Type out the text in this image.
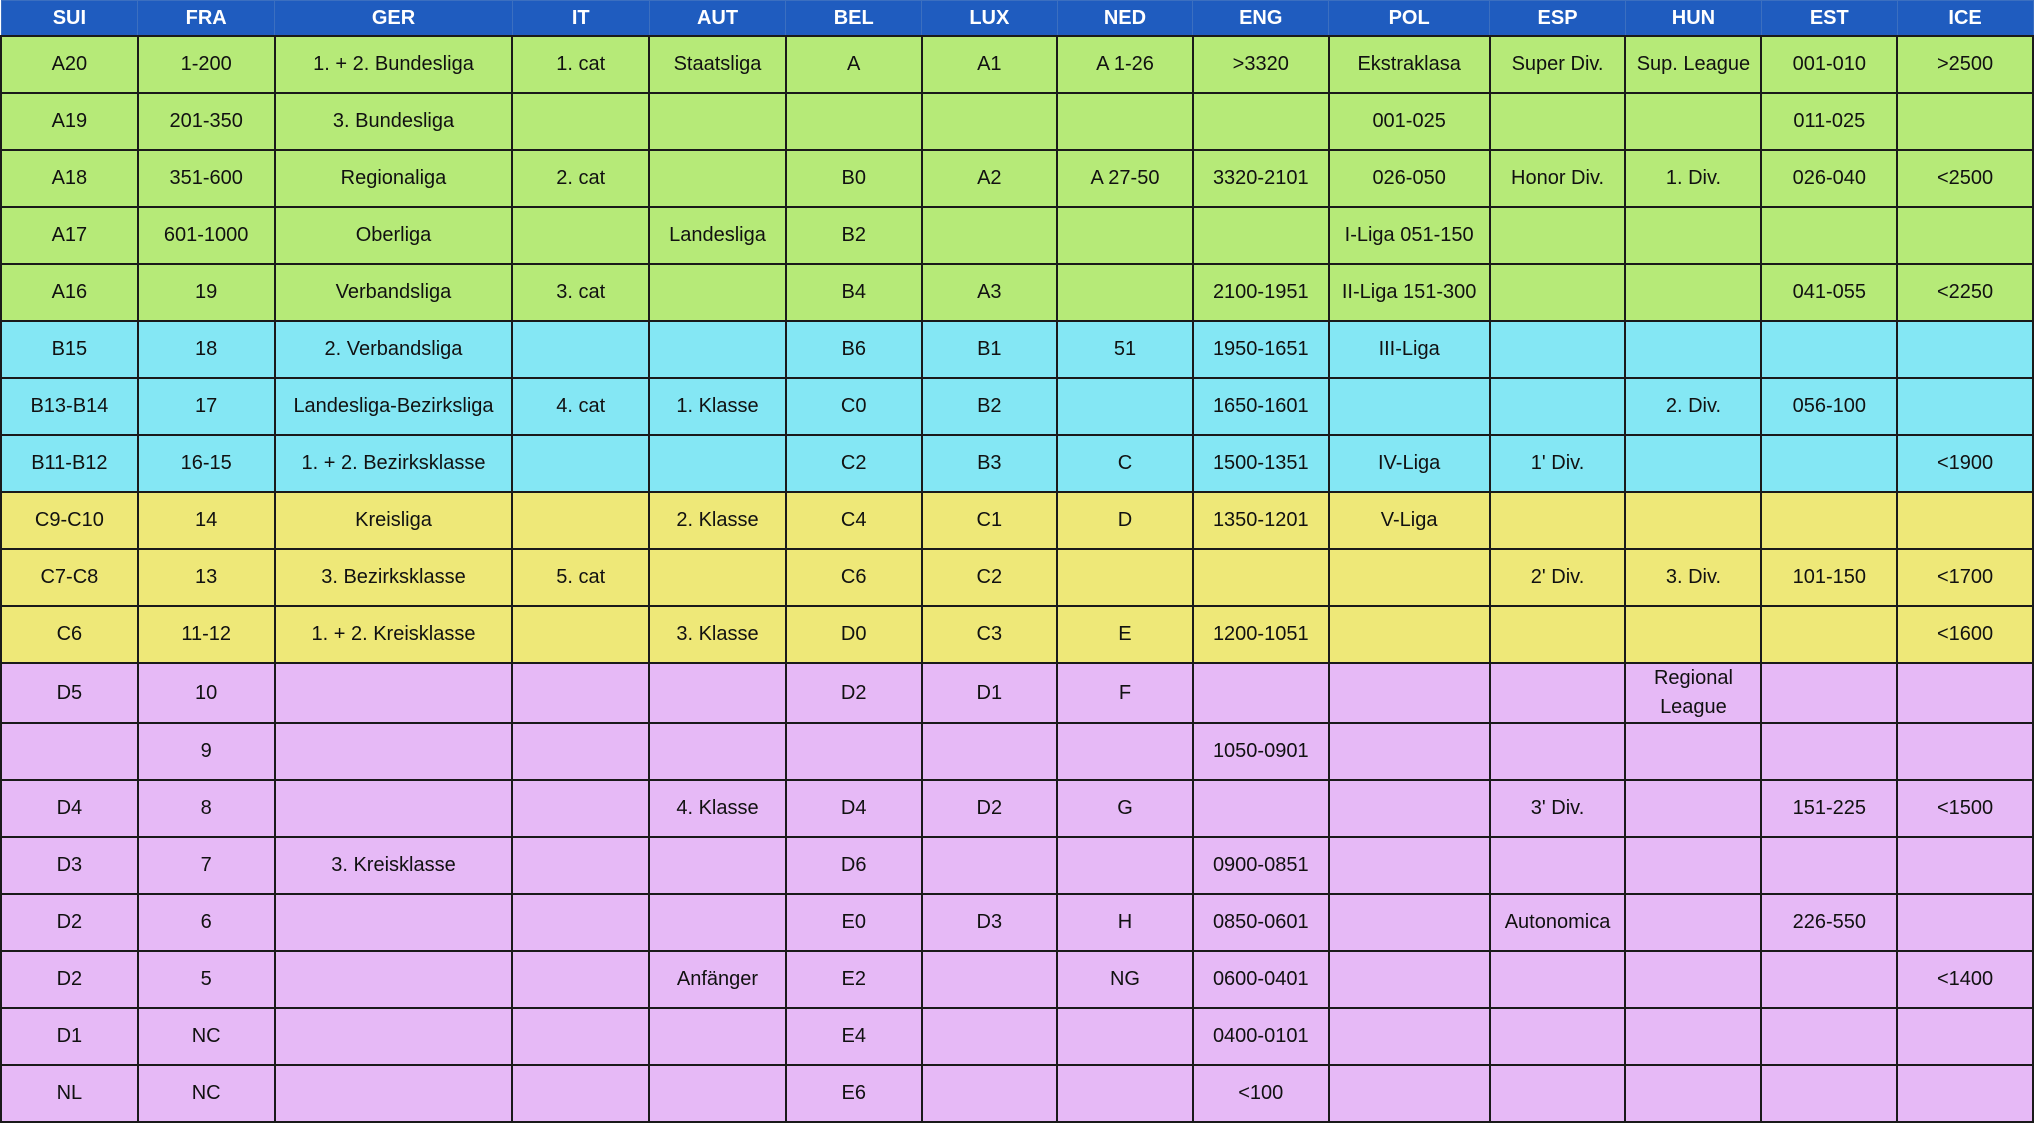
SUI	FRA	GER	IT	AUT	BEL	LUX	NED	ENG	POL	ESP	HUN	EST	ICE
A20	1-200	1. + 2. Bundesliga	1. cat	Staatsliga	A	A1	A 1-26	>3320	Ekstraklasa	Super Div.	Sup. League	001-010	>2500
A19	201-350	3. Bundesliga							001-025			011-025	
A18	351-600	Regionaliga	2. cat		B0	A2	A 27-50	3320-2101	026-050	Honor Div.	1. Div.	026-040	<2500
A17	601-1000	Oberliga		Landesliga	B2				I-Liga 051-150				
A16	19	Verbandsliga	3. cat		B4	A3		2100-1951	II-Liga 151-300			041-055	<2250
B15	18	2. Verbandsliga			B6	B1	51	1950-1651	III-Liga				
B13-B14	17	Landesliga-Bezirksliga	4. cat	1. Klasse	C0	B2		1650-1601			2. Div.	056-100	
B11-B12	16-15	1. + 2. Bezirksklasse			C2	B3	C	1500-1351	IV-Liga	1' Div.			<1900
C9-C10	14	Kreisliga		2. Klasse	C4	C1	D	1350-1201	V-Liga				
C7-C8	13	3. Bezirksklasse	5. cat		C6	C2				2' Div.	3. Div.	101-150	<1700
C6	11-12	1. + 2. Kreisklasse		3. Klasse	D0	C3	E	1200-1051					<1600
D5	10				D2	D1	F				Regional League		
	9							1050-0901					
D4	8			4. Klasse	D4	D2	G			3' Div.		151-225	<1500
D3	7	3. Kreisklasse			D6			0900-0851					
D2	6				E0	D3	H	0850-0601		Autonomica		226-550	
D2	5			Anfänger	E2		NG	0600-0401					<1400
D1	NC				E4			0400-0101					
NL	NC				E6			<100					
